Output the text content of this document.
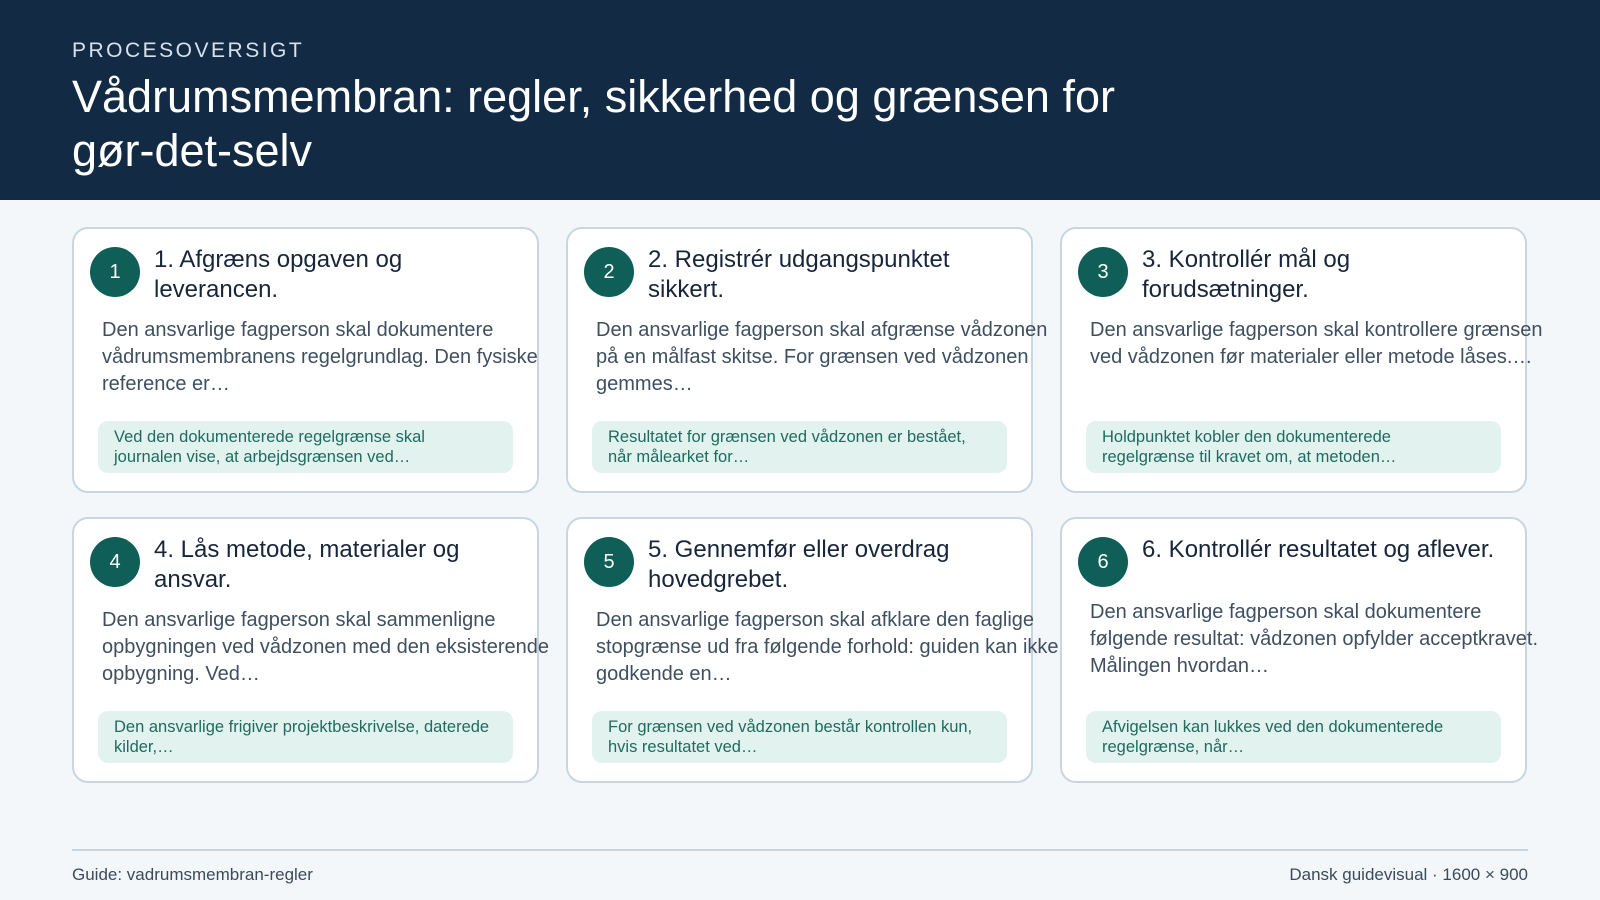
PROCESOVERSIGT
Vådrumsmembran: regler, sikkerhed og grænsen for gør-det-selv
1	1. Afgræns opgaven og leverancen.
Den ansvarlige fagperson skal dokumentere vådrumsmembranens regelgrundlag. Den fysiske reference er…
Ved den dokumenterede regelgrænse skal journalen vise, at arbejdsgrænsen ved…
2	2. Registrér udgangspunktet sikkert.
Den ansvarlige fagperson skal afgrænse vådzonen på en målfast skitse. For grænsen ved vådzonen gemmes…
Resultatet for grænsen ved vådzonen er bestået, når målearket for…
3	3. Kontrollér mål og forudsætninger.
Den ansvarlige fagperson skal kontrollere grænsen ved vådzonen før materialer eller metode låses.…
Holdpunktet kobler den dokumenterede regelgrænse til kravet om, at metoden…
4	4. Lås metode, materialer og ansvar.
Den ansvarlige fagperson skal sammenligne opbygningen ved vådzonen med den eksisterende opbygning. Ved…
Den ansvarlige frigiver projektbeskrivelse, daterede kilder,…
5	5. Gennemfør eller overdrag hovedgrebet.
Den ansvarlige fagperson skal afklare den faglige stopgrænse ud fra følgende forhold: guiden kan ikke godkende en…
For grænsen ved vådzonen består kontrollen kun, hvis resultatet ved…
6	6. Kontrollér resultatet og aflever.
Den ansvarlige fagperson skal dokumentere følgende resultat: vådzonen opfylder acceptkravet. Målingen hvordan…
Afvigelsen kan lukkes ved den dokumenterede regelgrænse, når…
Guide: vadrumsmembran-regler	Dansk guidevisual · 1600 × 900
